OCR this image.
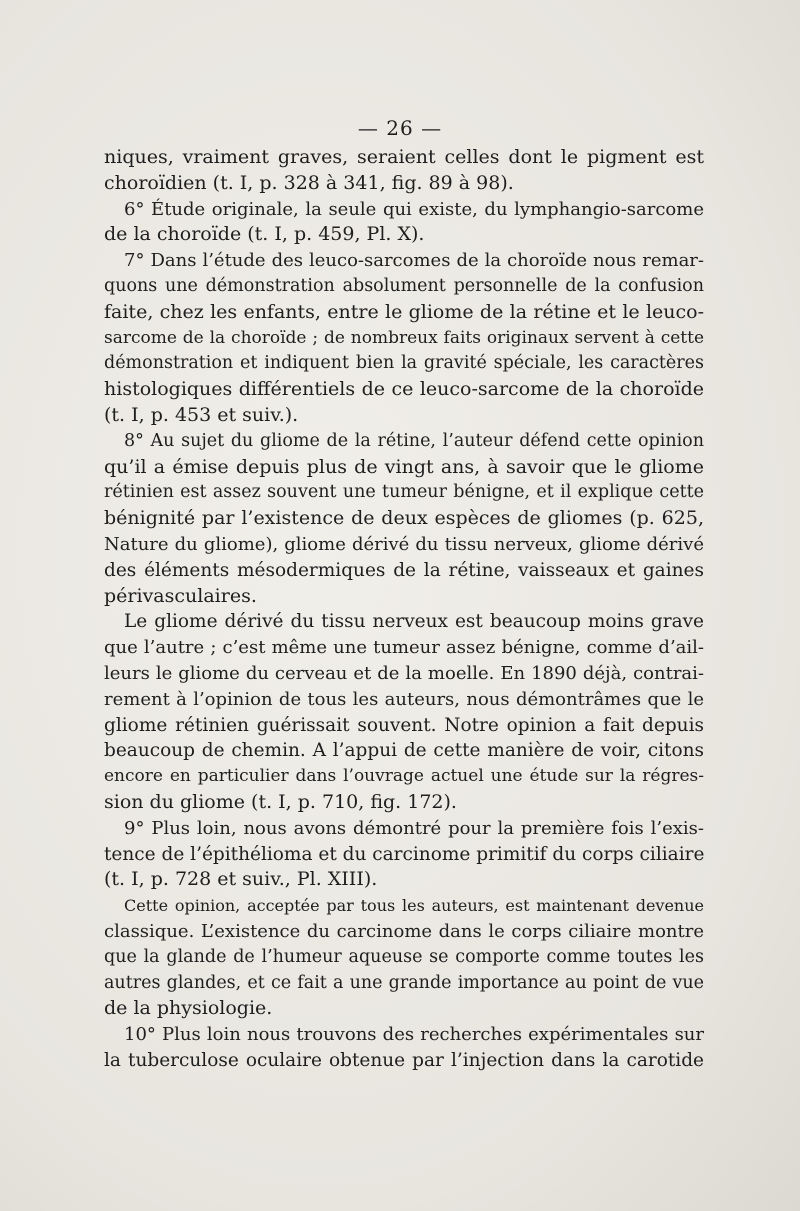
— 26 —
niques, vraiment graves, seraient celles dont le pigment est
choroïdien (t. I, p. 328 à 341, fig. 89 à 98).
6° Étude originale, la seule qui existe, du lymphangio-sarcome
de la choroïde (t. I, p. 459, Pl. X).
7° Dans l’étude des leuco-sarcomes de la choroïde nous remar-
quons une démonstration absolument personnelle de la confusion
faite, chez les enfants, entre le gliome de la rétine et le leuco-
sarcome de la choroïde ; de nombreux faits originaux servent à cette
démonstration et indiquent bien la gravité spéciale, les caractères
histologiques différentiels de ce leuco-sarcome de la choroïde
(t. I, p. 453 et suiv.).
8° Au sujet du gliome de la rétine, l’auteur défend cette opinion
qu’il a émise depuis plus de vingt ans, à savoir que le gliome
rétinien est assez souvent une tumeur bénigne, et il explique cette
bénignité par l’existence de deux espèces de gliomes (p. 625,
Nature du gliome), gliome dérivé du tissu nerveux, gliome dérivé
des éléments mésodermiques de la rétine, vaisseaux et gaines
périvasculaires.
Le gliome dérivé du tissu nerveux est beaucoup moins grave
que l’autre ; c’est même une tumeur assez bénigne, comme d’ail-
leurs le gliome du cerveau et de la moelle. En 1890 déjà, contrai-
rement à l’opinion de tous les auteurs, nous démontrâmes que le
gliome rétinien guérissait souvent. Notre opinion a fait depuis
beaucoup de chemin. A l’appui de cette manière de voir, citons
encore en particulier dans l’ouvrage actuel une étude sur la régres-
sion du gliome (t. I, p. 710, fig. 172).
9° Plus loin, nous avons démontré pour la première fois l’exis-
tence de l’épithélioma et du carcinome primitif du corps ciliaire
(t. I, p. 728 et suiv., Pl. XIII).
Cette opinion, acceptée par tous les auteurs, est maintenant devenue
classique. L’existence du carcinome dans le corps ciliaire montre
que la glande de l’humeur aqueuse se comporte comme toutes les
autres glandes, et ce fait a une grande importance au point de vue
de la physiologie.
10° Plus loin nous trouvons des recherches expérimentales sur
la tuberculose oculaire obtenue par l’injection dans la carotide
